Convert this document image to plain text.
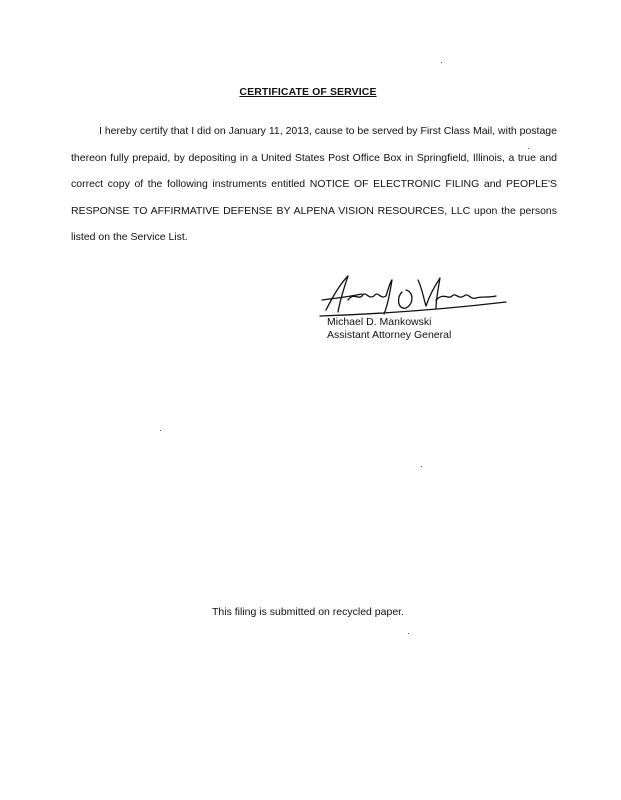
CERTIFICATE OF SERVICE
I hereby certify that I did on January 11, 2013, cause to be served by First Class Mail, with postage thereon fully prepaid, by depositing in a United States Post Office Box in Springfield, Illinois, a true and correct copy of the following instruments entitled NOTICE OF ELECTRONIC FILING and PEOPLE'S RESPONSE TO AFFIRMATIVE DEFENSE BY ALPENA VISION RESOURCES, LLC upon the persons listed on the Service List.
Michael D. Mankowski
Assistant Attorney General
This filing is submitted on recycled paper.
